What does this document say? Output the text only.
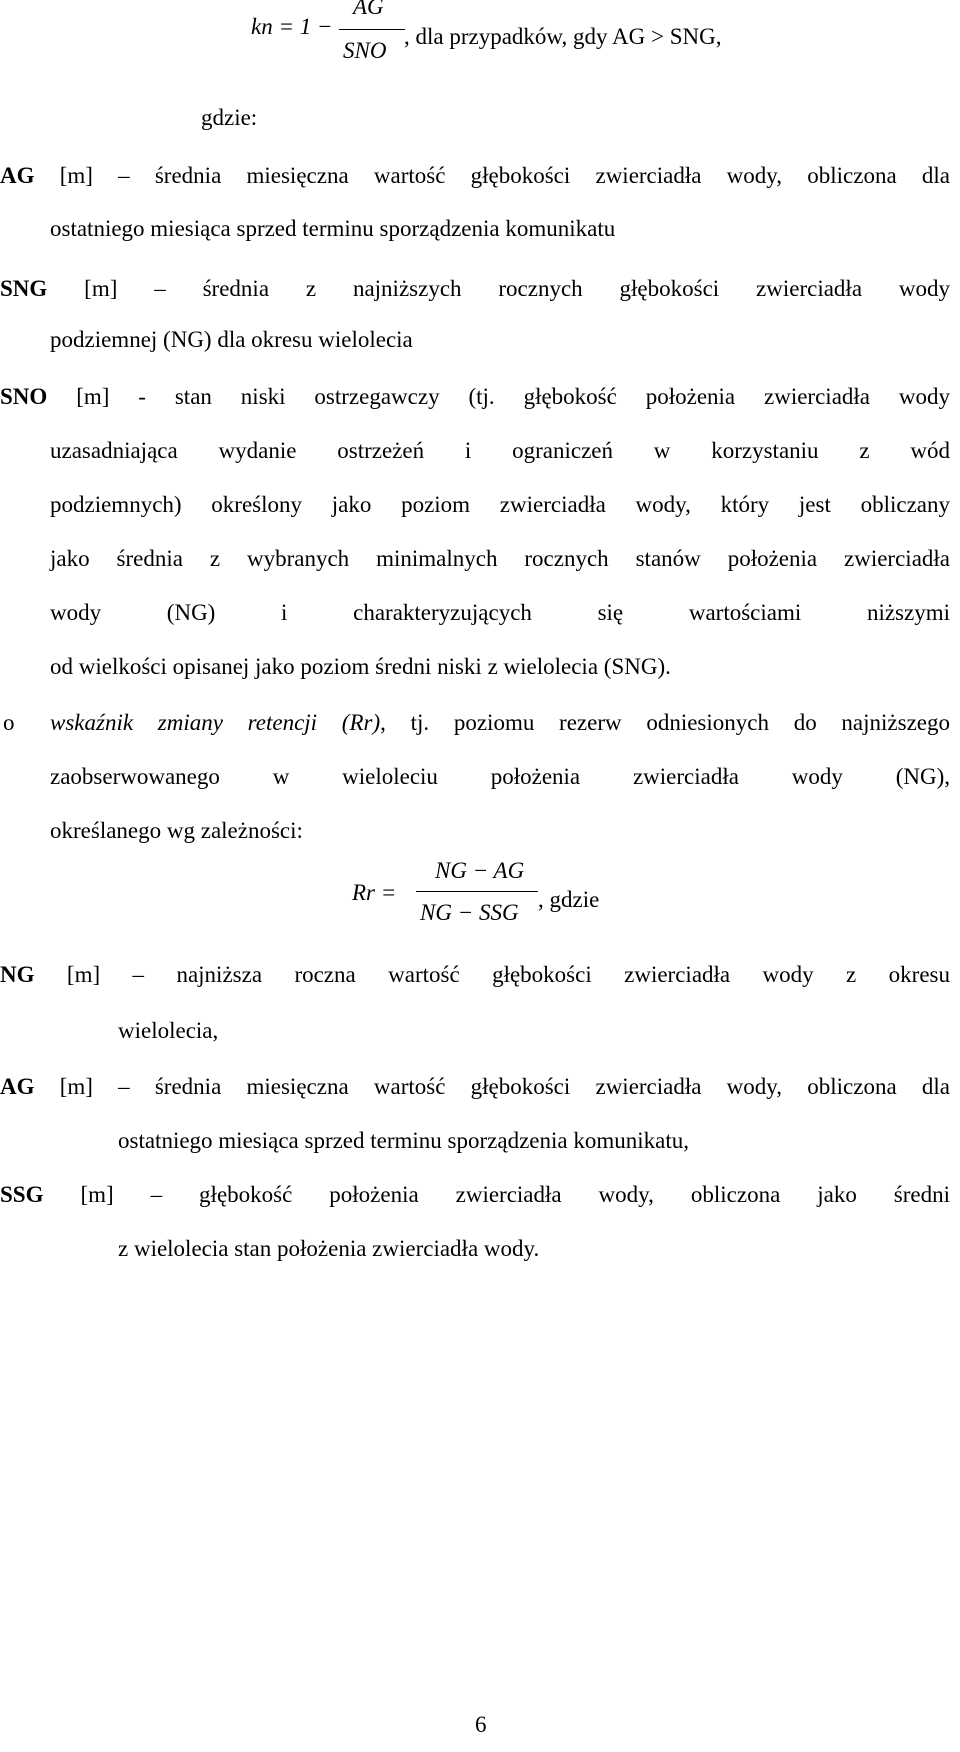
kn = 1 −
AG
SNO
, dla przypadków, gdy AG > SNG,
gdzie:
AG [m] – średnia miesięczna wartość głębokości zwierciadła wody, obliczona dla
ostatniego miesiąca sprzed terminu sporządzenia komunikatu
SNG [m] – średnia z najniższych rocznych głębokości zwierciadła wody
podziemnej (NG) dla okresu wielolecia
SNO [m] - stan niski ostrzegawczy (tj. głębokość położenia zwierciadła wody
uzasadniająca wydanie ostrzeżeń i ograniczeń w korzystaniu z wód
podziemnych) określony jako poziom zwierciadła wody, który jest obliczany
jako średnia z wybranych minimalnych rocznych stanów położenia zwierciadła
wody (NG) i charakteryzujących się wartościami niższymi
od wielkości opisanej jako poziom średni niski z wielolecia (SNG).
o wskaźnik zmiany retencji (Rr), tj. poziomu rezerw odniesionych do najniższego
zaobserwowanego w wieloleciu położenia zwierciadła wody (NG),
określanego wg zależności:
Rr =
NG − AG
NG − SSG
, gdzie
NG [m] – najniższa roczna wartość głębokości zwierciadła wody z okresu
wielolecia,
AG [m] – średnia miesięczna wartość głębokości zwierciadła wody, obliczona dla
ostatniego miesiąca sprzed terminu sporządzenia komunikatu,
SSG [m] – głębokość położenia zwierciadła wody, obliczona jako średni
z wielolecia stan położenia zwierciadła wody.
6
